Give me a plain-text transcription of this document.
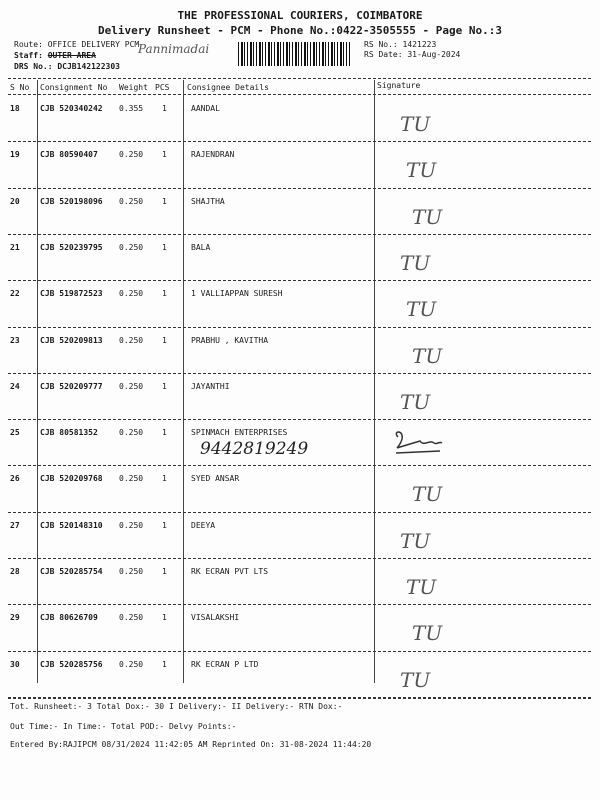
THE PROFESSIONAL COURIERS, COIMBATORE
Delivery Runsheet - PCM - Phone No.:0422-3505555 - Page No.:3
Route: OFFICE DELIVERY PCM
Staff: OUTER AREA	Pannimadai
DRS No.: DCJB142122303
RS No.: 1421223
RS Date: 31-Aug-2024
S No Consignment No Weight PCS Consignee Details	Signature
18	CJB 520340242 0.355 1	AANDAL
TU
19	CJB 80590407	0.250 1	RAJENDRAN
TU
20	CJB 520198096 0.250 1	SHAJTHA
TU
21	CJB 520239795 0.250 1	BALA
TU
22	CJB 519872523 0.250 1	1 VALLIAPPAN SURESH
TU
23	CJB 520209813 0.250 1	PRABHU , KAVITHA
TU
24	CJB 520209777 0.250 1	JAYANTHI
TU
25	CJB 80581352	0.250 1	SPINMACH ENTERPRISES
9442819249
26	CJB 520209768 0.250 1	SYED ANSAR
TU
27	CJB 520148310 0.250 1	DEEYA
TU
28	CJB 520285754 0.250 1	RK ECRAN PVT LTS
TU
29	CJB 80626709	0.250 1	VISALAKSHI
TU
30	CJB 520285756 0.250 1	RK ECRAN P LTD
TU
Tot. Runsheet:- 3 Total Dox:- 30 I Delivery:- II Delivery:- RTN Dox:-
Out Time:- In Time:- Total POD:- Delvy Points:-
Entered By:RAJIPCM 08/31/2024 11:42:05 AM Reprinted On: 31-08-2024 11:44:20
